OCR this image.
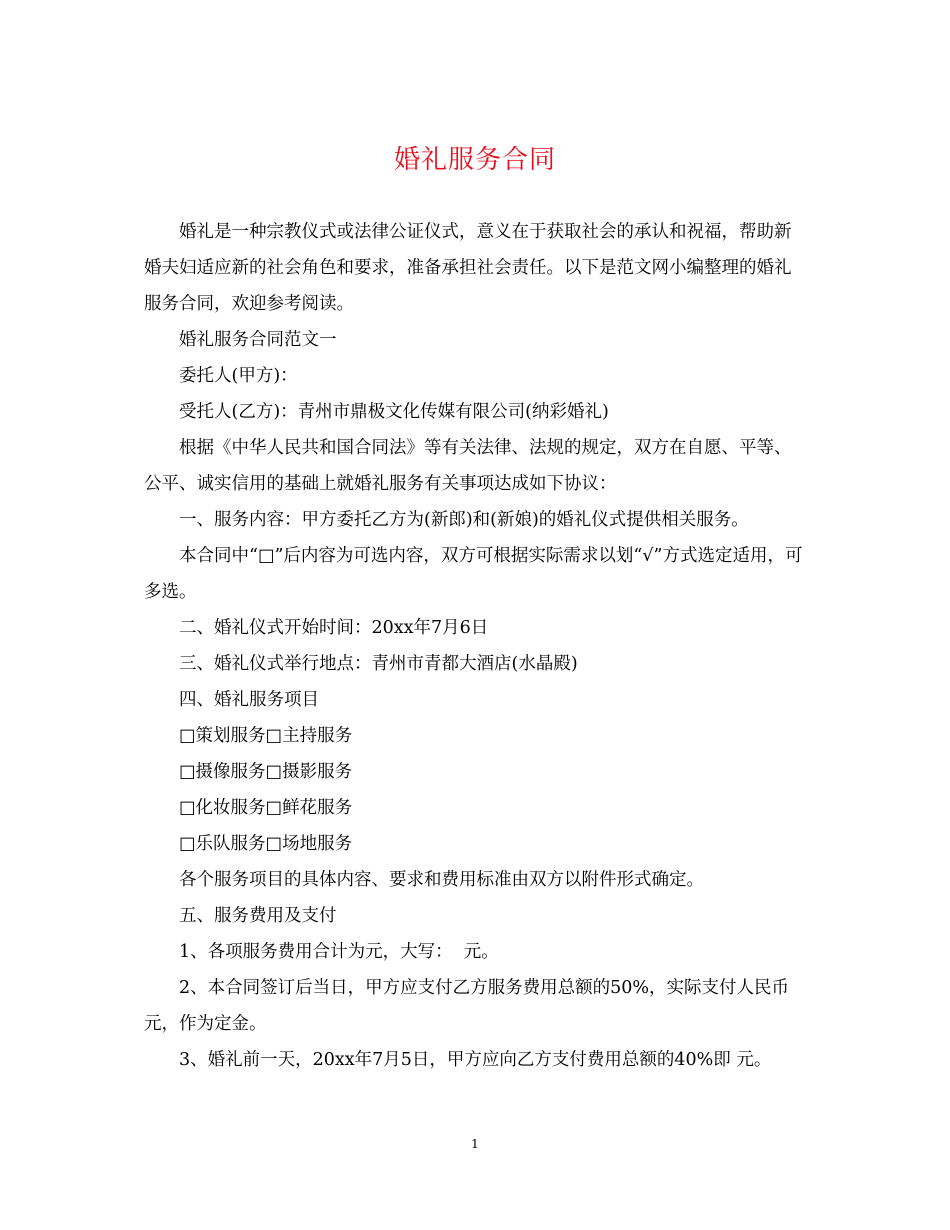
婚礼服务合同

婚礼是一种宗教仪式或法律公证仪式，意义在于获取社会的承认和祝福，帮助新婚夫妇适应新的社会角色和要求，准备承担社会责任。以下是范文网小编整理的婚礼服务合同，欢迎参考阅读。

婚礼服务合同范文一

委托人(甲方)：

受托人(乙方)：青州市鼎极文化传媒有限公司(纳彩婚礼)

根据《中华人民共和国合同法》等有关法律、法规的规定，双方在自愿、平等、公平、诚实信用的基础上就婚礼服务有关事项达成如下协议：

一、服务内容：甲方委托乙方为(新郎)和(新娘)的婚礼仪式提供相关服务。

本合同中“□”后内容为可选内容，双方可根据实际需求以划“√”方式选定适用，可多选。

二、婚礼仪式开始时间：20xx年7月6日

三、婚礼仪式举行地点：青州市青都大酒店(水晶殿)

四、婚礼服务项目

□策划服务□主持服务

□摄像服务□摄影服务

□化妆服务□鲜花服务

□乐队服务□场地服务

各个服务项目的具体内容、要求和费用标准由双方以附件形式确定。

五、服务费用及支付

1、各项服务费用合计为元，大写：  元。

2、本合同签订后当日，甲方应支付乙方服务费用总额的50%，实际支付人民币 元，作为定金。

3、婚礼前一天，20xx年7月5日，甲方应向乙方支付费用总额的40%即 元。

1
